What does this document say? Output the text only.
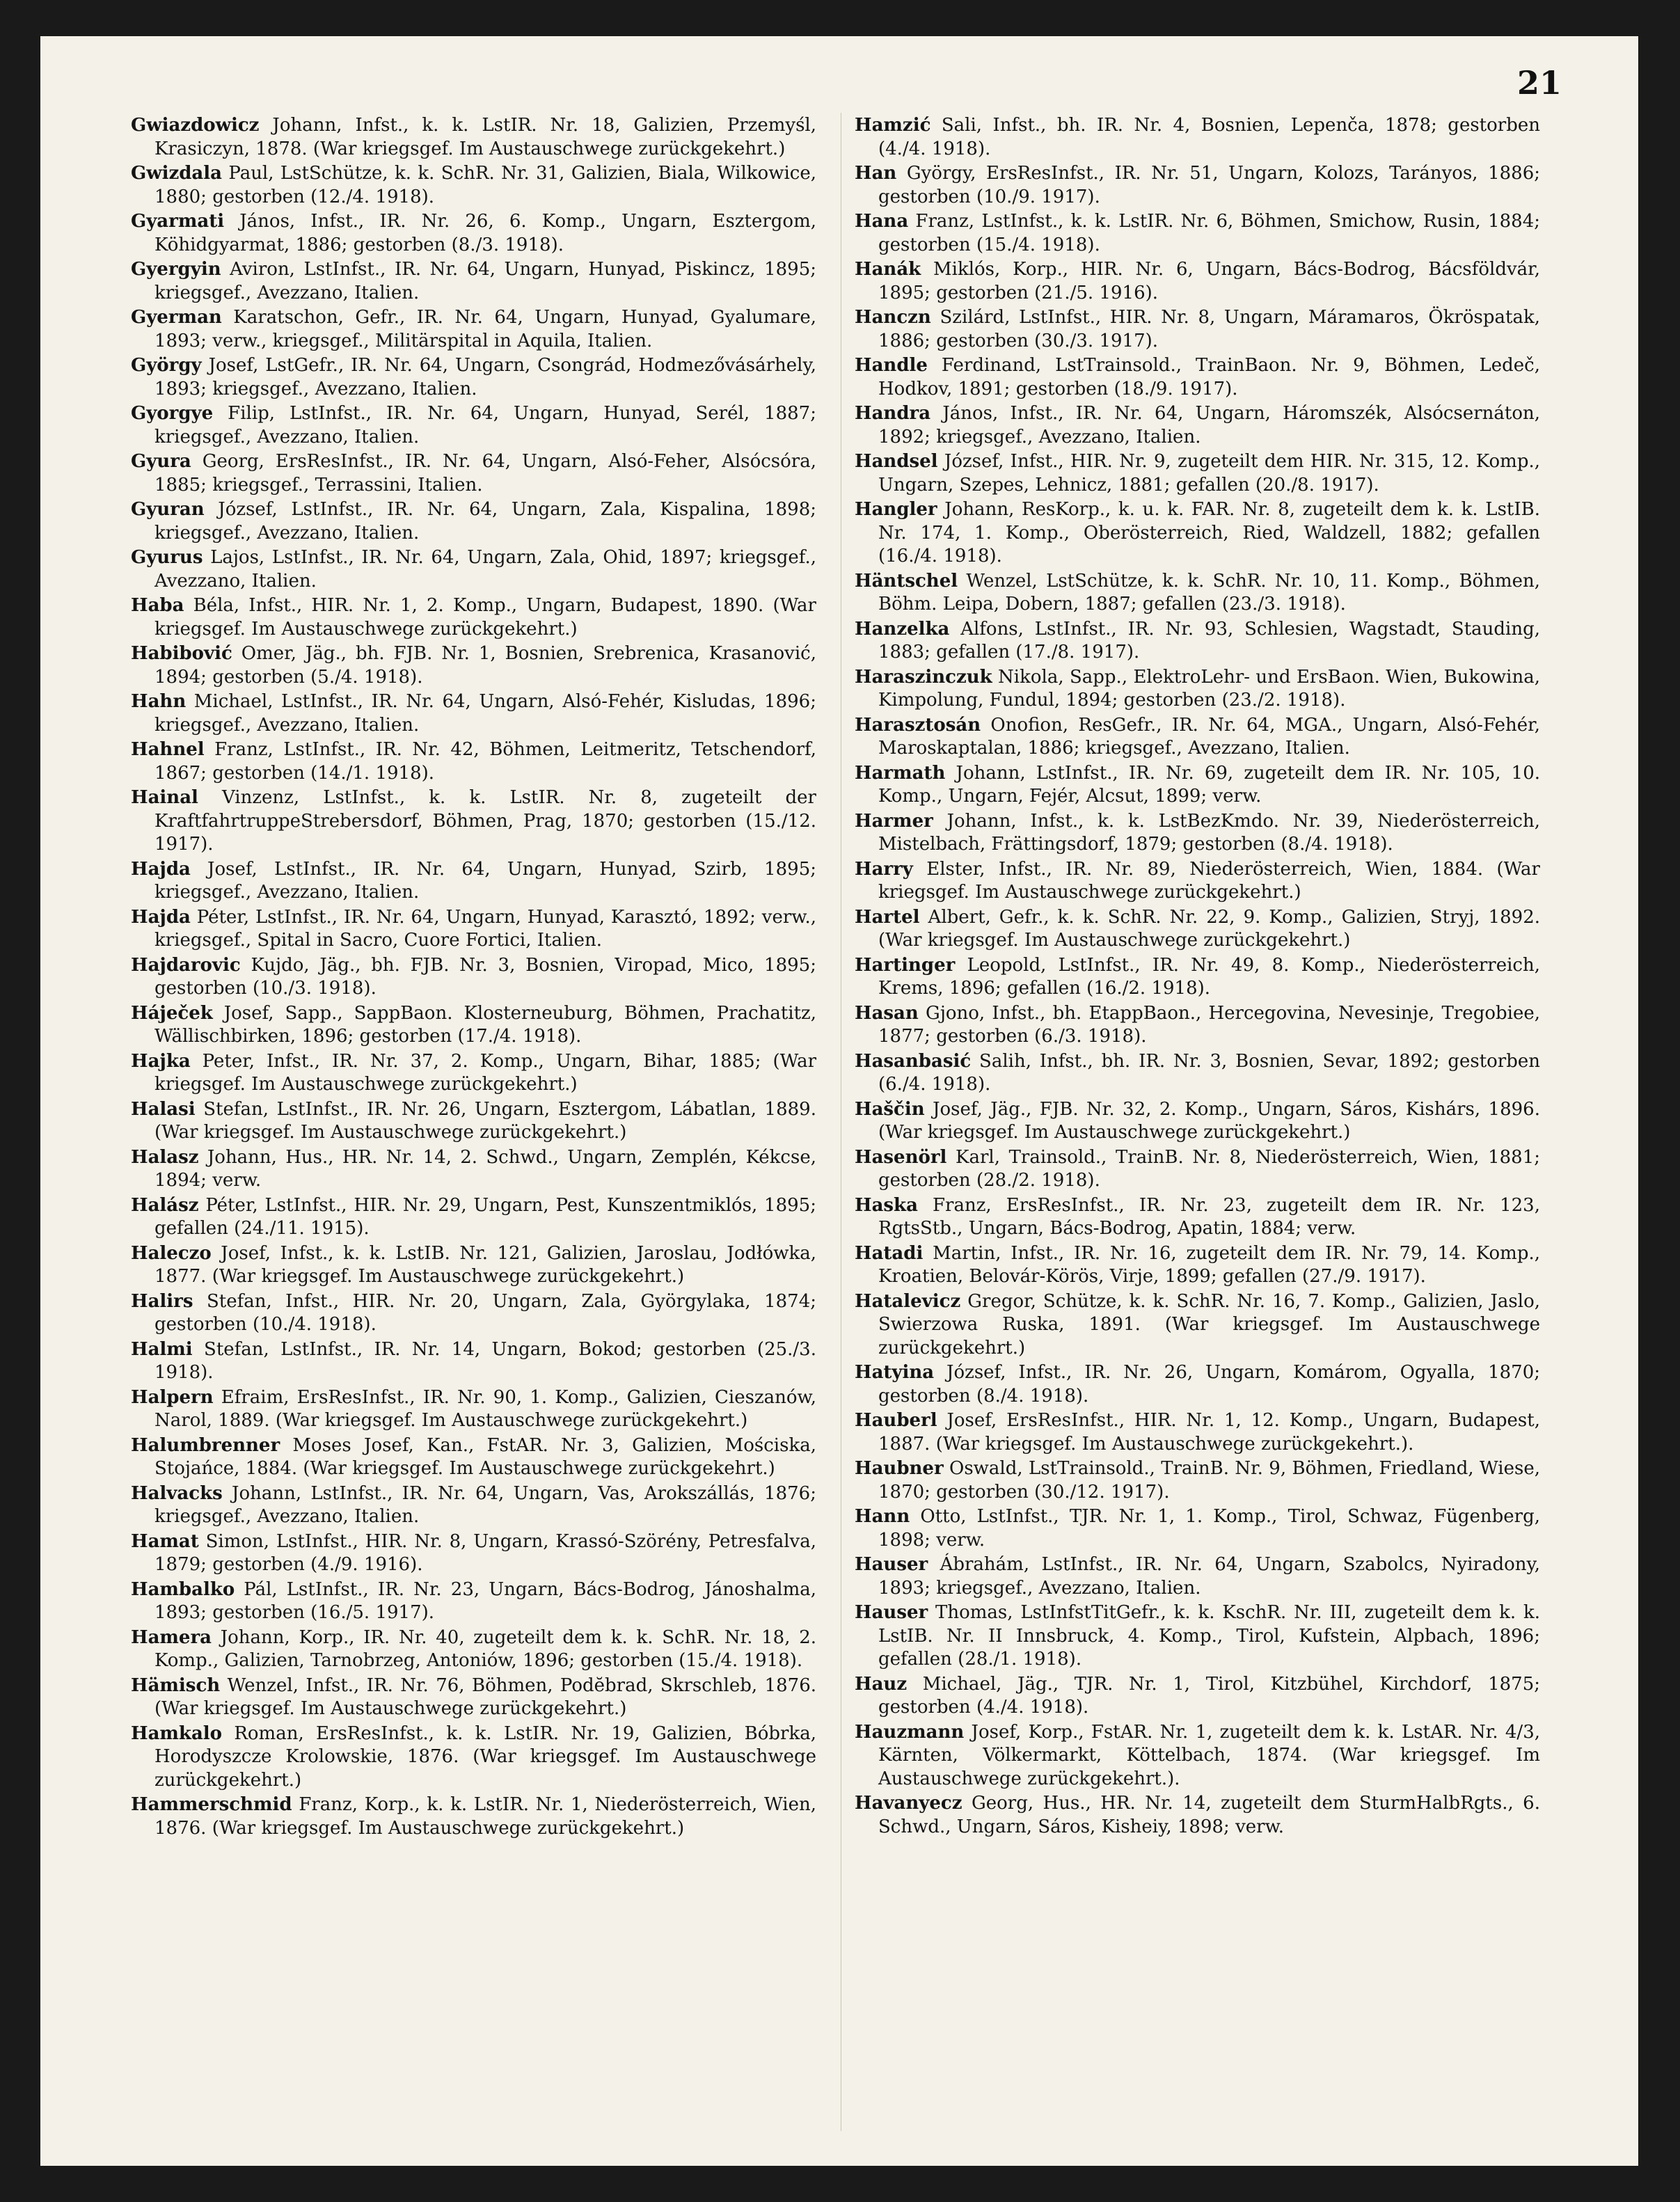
21

Gwiazdowicz Johann, Infst., k. k. LstIR. Nr. 18, Galizien, Przemyśl, Krasiczyn, 1878. (War kriegsgef. Im Austauschwege zurückgekehrt.)

Gwizdala Paul, LstSchütze, k. k. SchR. Nr. 31, Galizien, Biala, Wilkowice, 1880; gestorben (12./4. 1918).

Gyarmati János, Infst., IR. Nr. 26, 6. Komp., Ungarn, Esztergom, Köhidgyarmat, 1886; gestorben (8./3. 1918).

Gyergyin Aviron, LstInfst., IR. Nr. 64, Ungarn, Hunyad, Piskincz, 1895; kriegsgef., Avezzano, Italien.

Gyerman Karatschon, Gefr., IR. Nr. 64, Ungarn, Hunyad, Gyalumare, 1893; verw., kriegsgef., Militärspital in Aquila, Italien.

György Josef, LstGefr., IR. Nr. 64, Ungarn, Csongrád, Hodmezővásárhely, 1893; kriegsgef., Avezzano, Italien.

Gyorgye Filip, LstInfst., IR. Nr. 64, Ungarn, Hunyad, Serél, 1887; kriegsgef., Avezzano, Italien.

Gyura Georg, ErsResInfst., IR. Nr. 64, Ungarn, Alsó-Feher, Alsócsóra, 1885; kriegsgef., Terrassini, Italien.

Gyuran József, LstInfst., IR. Nr. 64, Ungarn, Zala, Kispalina, 1898; kriegsgef., Avezzano, Italien.

Gyurus Lajos, LstInfst., IR. Nr. 64, Ungarn, Zala, Ohid, 1897; kriegsgef., Avezzano, Italien.

Haba Béla, Infst., HIR. Nr. 1, 2. Komp., Ungarn, Budapest, 1890. (War kriegsgef. Im Austauschwege zurückgekehrt.)

Habibović Omer, Jäg., bh. FJB. Nr. 1, Bosnien, Srebrenica, Krasanović, 1894; gestorben (5./4. 1918).

Hahn Michael, LstInfst., IR. Nr. 64, Ungarn, Alsó-Fehér, Kisludas, 1896; kriegsgef., Avezzano, Italien.

Hahnel Franz, LstInfst., IR. Nr. 42, Böhmen, Leitmeritz, Tetschendorf, 1867; gestorben (14./1. 1918).

Hainal Vinzenz, LstInfst., k. k. LstIR. Nr. 8, zugeteilt der KraftfahrtruppeStrebersdorf, Böhmen, Prag, 1870; gestorben (15./12. 1917).

Hajda Josef, LstInfst., IR. Nr. 64, Ungarn, Hunyad, Szirb, 1895; kriegsgef., Avezzano, Italien.

Hajda Péter, LstInfst., IR. Nr. 64, Ungarn, Hunyad, Karasztó, 1892; verw., kriegsgef., Spital in Sacro, Cuore Fortici, Italien.

Hajdarovic Kujdo, Jäg., bh. FJB. Nr. 3, Bosnien, Viropad, Mico, 1895; gestorben (10./3. 1918).

Háječek Josef, Sapp., SappBaon. Klosterneuburg, Böhmen, Prachatitz, Wällischbirken, 1896; gestorben (17./4. 1918).

Hajka Peter, Infst., IR. Nr. 37, 2. Komp., Ungarn, Bihar, 1885; (War kriegsgef. Im Austauschwege zurückgekehrt.)

Halasi Stefan, LstInfst., IR. Nr. 26, Ungarn, Esztergom, Lábatlan, 1889. (War kriegsgef. Im Austauschwege zurückgekehrt.)

Halasz Johann, Hus., HR. Nr. 14, 2. Schwd., Ungarn, Zemplén, Kékcse, 1894; verw.

Halász Péter, LstInfst., HIR. Nr. 29, Ungarn, Pest, Kunszentmiklós, 1895; gefallen (24./11. 1915).

Haleczo Josef, Infst., k. k. LstIB. Nr. 121, Galizien, Jaroslau, Jodłówka, 1877. (War kriegsgef. Im Austauschwege zurückgekehrt.)

Halirs Stefan, Infst., HIR. Nr. 20, Ungarn, Zala, Györgylaka, 1874; gestorben (10./4. 1918).

Halmi Stefan, LstInfst., IR. Nr. 14, Ungarn, Bokod; gestorben (25./3. 1918).

Halpern Efraim, ErsResInfst., IR. Nr. 90, 1. Komp., Galizien, Cieszanów, Narol, 1889. (War kriegsgef. Im Austauschwege zurückgekehrt.)

Halumbrenner Moses Josef, Kan., FstAR. Nr. 3, Galizien, Mościska, Stojańce, 1884. (War kriegsgef. Im Austauschwege zurückgekehrt.)

Halvacks Johann, LstInfst., IR. Nr. 64, Ungarn, Vas, Arokszállás, 1876; kriegsgef., Avezzano, Italien.

Hamat Simon, LstInfst., HIR. Nr. 8, Ungarn, Krassó-Szörény, Petresfalva, 1879; gestorben (4./9. 1916).

Hambalko Pál, LstInfst., IR. Nr. 23, Ungarn, Bács-Bodrog, Jánoshalma, 1893; gestorben (16./5. 1917).

Hamera Johann, Korp., IR. Nr. 40, zugeteilt dem k. k. SchR. Nr. 18, 2. Komp., Galizien, Tarnobrzeg, Antoniów, 1896; gestorben (15./4. 1918).

Hämisch Wenzel, Infst., IR. Nr. 76, Böhmen, Podĕbrad, Skrschleb, 1876. (War kriegsgef. Im Austauschwege zurückgekehrt.)

Hamkalo Roman, ErsResInfst., k. k. LstIR. Nr. 19, Galizien, Bóbrka, Horodyszcze Krolowskie, 1876. (War kriegsgef. Im Austauschwege zurückgekehrt.)

Hammerschmid Franz, Korp., k. k. LstIR. Nr. 1, Niederösterreich, Wien, 1876. (War kriegsgef. Im Austauschwege zurückgekehrt.)

Hamzić Sali, Infst., bh. IR. Nr. 4, Bosnien, Lepenča, 1878; gestorben (4./4. 1918).

Han György, ErsResInfst., IR. Nr. 51, Ungarn, Kolozs, Tarányos, 1886; gestorben (10./9. 1917).

Hana Franz, LstInfst., k. k. LstIR. Nr. 6, Böhmen, Smichow, Rusin, 1884; gestorben (15./4. 1918).

Hanák Miklós, Korp., HIR. Nr. 6, Ungarn, Bács-Bodrog, Bácsföldvár, 1895; gestorben (21./5. 1916).

Hanczn Szilárd, LstInfst., HIR. Nr. 8, Ungarn, Máramaros, Ökröspatak, 1886; gestorben (30./3. 1917).

Handle Ferdinand, LstTrainsold., TrainBaon. Nr. 9, Böhmen, Ledeč, Hodkov, 1891; gestorben (18./9. 1917).

Handra János, Infst., IR. Nr. 64, Ungarn, Háromszék, Alsócsernáton, 1892; kriegsgef., Avezzano, Italien.

Handsel József, Infst., HIR. Nr. 9, zugeteilt dem HIR. Nr. 315, 12. Komp., Ungarn, Szepes, Lehnicz, 1881; gefallen (20./8. 1917).

Hangler Johann, ResKorp., k. u. k. FAR. Nr. 8, zugeteilt dem k. k. LstIB. Nr. 174, 1. Komp., Oberösterreich, Ried, Waldzell, 1882; gefallen (16./4. 1918).

Häntschel Wenzel, LstSchütze, k. k. SchR. Nr. 10, 11. Komp., Böhmen, Böhm. Leipa, Dobern, 1887; gefallen (23./3. 1918).

Hanzelka Alfons, LstInfst., IR. Nr. 93, Schlesien, Wagstadt, Stauding, 1883; gefallen (17./8. 1917).

Haraszinczuk Nikola, Sapp., ElektroLehr- und ErsBaon. Wien, Bukowina, Kimpolung, Fundul, 1894; gestorben (23./2. 1918).

Harasztosán Onofion, ResGefr., IR. Nr. 64, MGA., Ungarn, Alsó-Fehér, Maroskaptalan, 1886; kriegsgef., Avezzano, Italien.

Harmath Johann, LstInfst., IR. Nr. 69, zugeteilt dem IR. Nr. 105, 10. Komp., Ungarn, Fejér, Alcsut, 1899; verw.

Harmer Johann, Infst., k. k. LstBezKmdo. Nr. 39, Niederösterreich, Mistelbach, Frättingsdorf, 1879; gestorben (8./4. 1918).

Harry Elster, Infst., IR. Nr. 89, Niederösterreich, Wien, 1884. (War kriegsgef. Im Austauschwege zurückgekehrt.)

Hartel Albert, Gefr., k. k. SchR. Nr. 22, 9. Komp., Galizien, Stryj, 1892. (War kriegsgef. Im Austauschwege zurückgekehrt.)

Hartinger Leopold, LstInfst., IR. Nr. 49, 8. Komp., Niederösterreich, Krems, 1896; gefallen (16./2. 1918).

Hasan Gjono, Infst., bh. EtappBaon., Hercegovina, Nevesinje, Tregobiee, 1877; gestorben (6./3. 1918).

Hasanbasić Salih, Infst., bh. IR. Nr. 3, Bosnien, Sevar, 1892; gestorben (6./4. 1918).

Haščin Josef, Jäg., FJB. Nr. 32, 2. Komp., Ungarn, Sáros, Kishárs, 1896. (War kriegsgef. Im Austauschwege zurückgekehrt.)

Hasenörl Karl, Trainsold., TrainB. Nr. 8, Niederösterreich, Wien, 1881; gestorben (28./2. 1918).

Haska Franz, ErsResInfst., IR. Nr. 23, zugeteilt dem IR. Nr. 123, RgtsStb., Ungarn, Bács-Bodrog, Apatin, 1884; verw.

Hatadi Martin, Infst., IR. Nr. 16, zugeteilt dem IR. Nr. 79, 14. Komp., Kroatien, Belovár-Körös, Virje, 1899; gefallen (27./9. 1917).

Hatalevicz Gregor, Schütze, k. k. SchR. Nr. 16, 7. Komp., Galizien, Jaslo, Swierzowa Ruska, 1891. (War kriegsgef. Im Austauschwege zurückgekehrt.)

Hatyina József, Infst., IR. Nr. 26, Ungarn, Komárom, Ogyalla, 1870; gestorben (8./4. 1918).

Hauberl Josef, ErsResInfst., HIR. Nr. 1, 12. Komp., Ungarn, Budapest, 1887. (War kriegsgef. Im Austauschwege zurückgekehrt.).

Haubner Oswald, LstTrainsold., TrainB. Nr. 9, Böhmen, Friedland, Wiese, 1870; gestorben (30./12. 1917).

Hann Otto, LstInfst., TJR. Nr. 1, 1. Komp., Tirol, Schwaz, Fügenberg, 1898; verw.

Hauser Ábrahám, LstInfst., IR. Nr. 64, Ungarn, Szabolcs, Nyiradony, 1893; kriegsgef., Avezzano, Italien.

Hauser Thomas, LstInfstTitGefr., k. k. KschR. Nr. III, zugeteilt dem k. k. LstIB. Nr. II Innsbruck, 4. Komp., Tirol, Kufstein, Alpbach, 1896; gefallen (28./1. 1918).

Hauz Michael, Jäg., TJR. Nr. 1, Tirol, Kitzbühel, Kirchdorf, 1875; gestorben (4./4. 1918).

Hauzmann Josef, Korp., FstAR. Nr. 1, zugeteilt dem k. k. LstAR. Nr. 4/3, Kärnten, Völkermarkt, Köttelbach, 1874. (War kriegsgef. Im Austauschwege zurückgekehrt.).

Havanyecz Georg, Hus., HR. Nr. 14, zugeteilt dem SturmHalbRgts., 6. Schwd., Ungarn, Sáros, Kisheiy, 1898; verw.
